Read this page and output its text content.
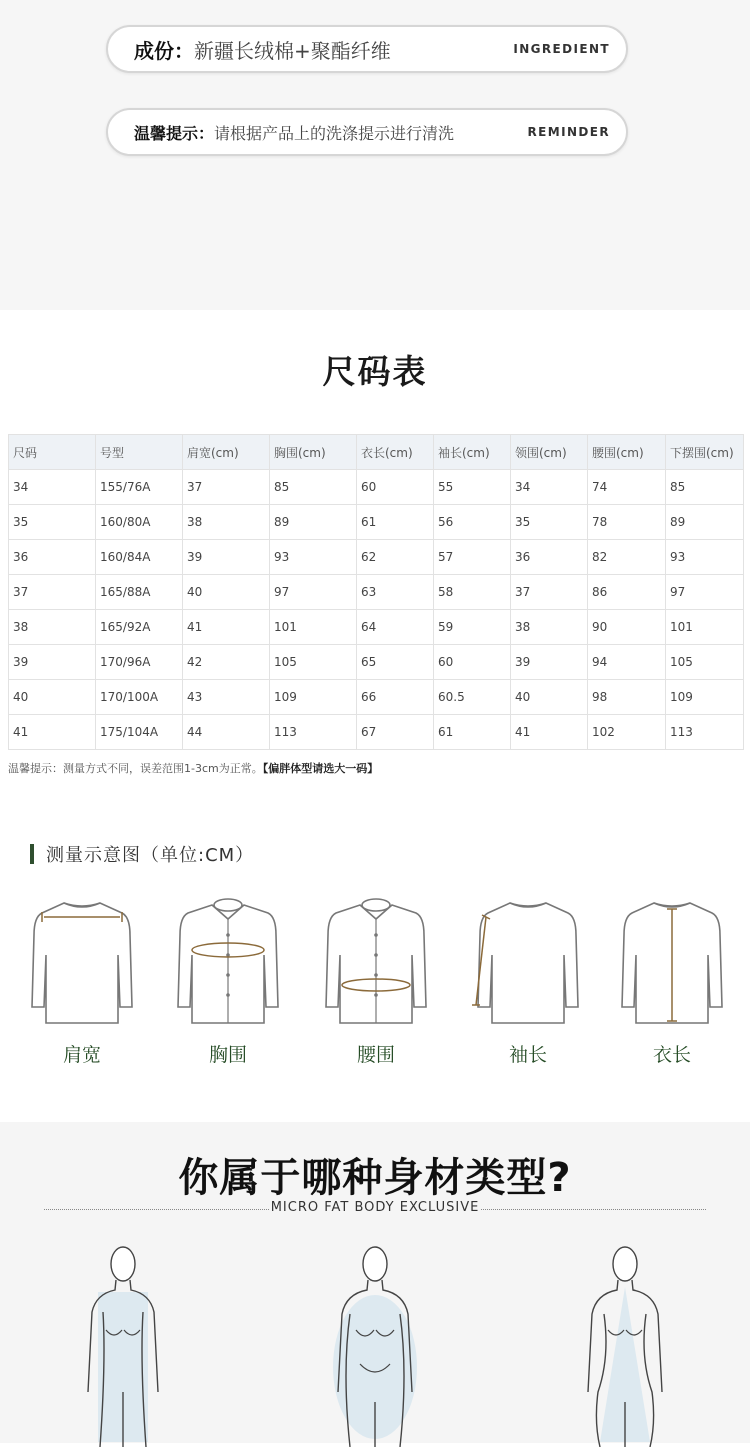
成份： 新疆长绒棉+聚酯纤维	INGREDIENT
温馨提示： 请根据产品上的洗涤提示进行清洗	REMINDER
尺码表
尺码	号型	肩宽(cm)	胸围(cm)	衣长(cm)	袖长(cm)	领围(cm)	腰围(cm)	下摆围(cm)
34	155/76A	37	85	60	55	34	74	85
35	160/80A	38	89	61	56	35	78	89
36	160/84A	39	93	62	57	36	82	93
37	165/88A	40	97	63	58	37	86	97
38	165/92A	41	101	64	59	38	90	101
39	170/96A	42	105	65	60	39	94	105
40	170/100A	43	109	66	60.5	40	98	109
41	175/104A	44	113	67	61	41	102	113
温馨提示：测量方式不同，误差范围1-3cm为正常。【偏胖体型请选大一码】
测量示意图（单位:CM）
肩宽	胸围	腰围	袖长	衣长
你属于哪种身材类型?
MICRO FAT BODY EXCLUSIVE
